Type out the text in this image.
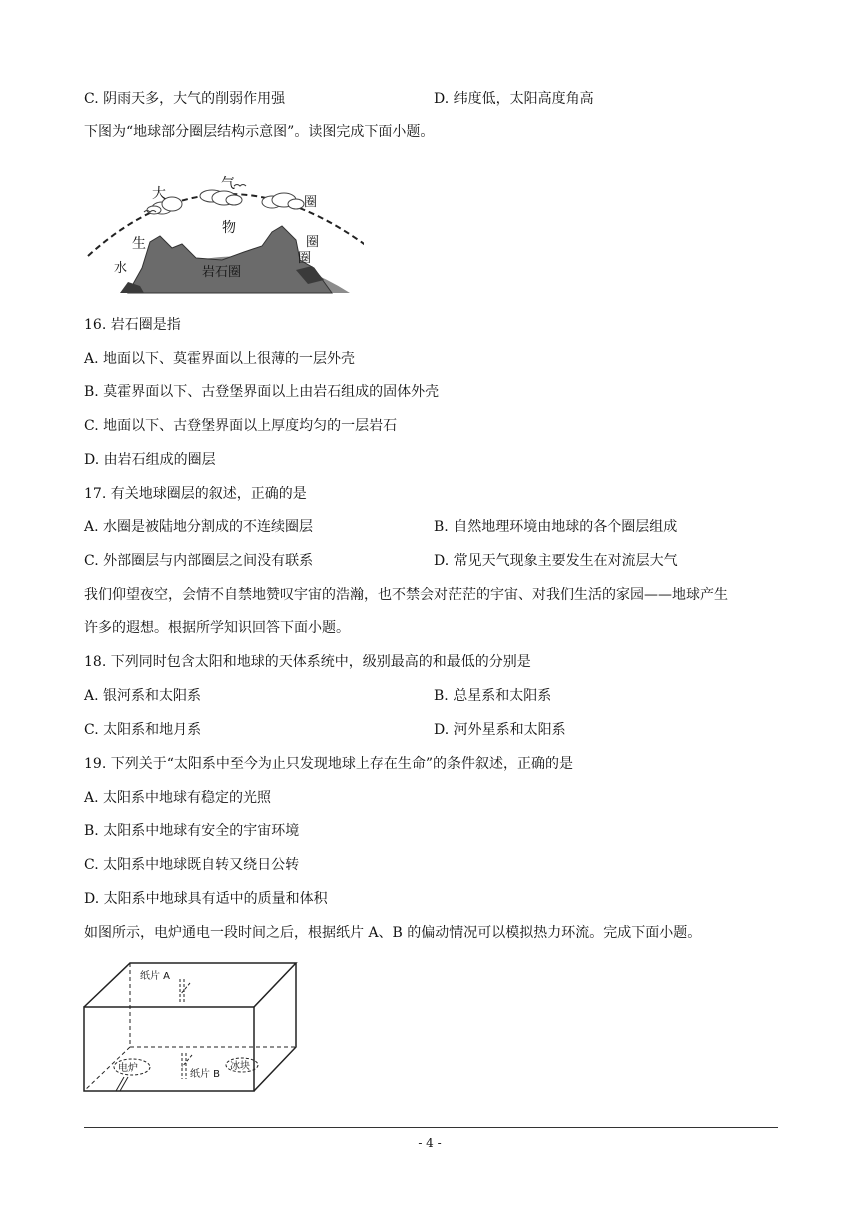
C. 阴雨天多，大气的削弱作用强	D. 纬度低，太阳高度角高
下图为“地球部分圈层结构示意图”。读图完成下面小题。
大
气
圈
生
物
圈
圈
水	岩石圈
16. 岩石圈是指
A. 地面以下、莫霍界面以上很薄的一层外壳
B. 莫霍界面以下、古登堡界面以上由岩石组成的固体外壳
C. 地面以下、古登堡界面以上厚度均匀的一层岩石
D. 由岩石组成的圈层
17. 有关地球圈层的叙述，正确的是
A. 水圈是被陆地分割成的不连续圈层	B. 自然地理环境由地球的各个圈层组成
C. 外部圈层与内部圈层之间没有联系	D. 常见天气现象主要发生在对流层大气
我们仰望夜空，会情不自禁地赞叹宇宙的浩瀚，也不禁会对茫茫的宇宙、对我们生活的家园——地球产生
许多的遐想。根据所学知识回答下面小题。
18. 下列同时包含太阳和地球的天体系统中，级别最高的和最低的分别是
A. 银河系和太阳系	B. 总星系和太阳系
C. 太阳系和地月系	D. 河外星系和太阳系
19. 下列关于“太阳系中至今为止只发现地球上存在生命”的条件叙述，正确的是
A. 太阳系中地球有稳定的光照
B. 太阳系中地球有安全的宇宙环境
C. 太阳系中地球既自转又绕日公转
D. 太阳系中地球具有适中的质量和体积
如图所示，电炉通电一段时间之后，根据纸片 A、B 的偏动情况可以模拟热力环流。完成下面小题。
纸片 A
纸片 B
电炉	冰块
- 4 -
